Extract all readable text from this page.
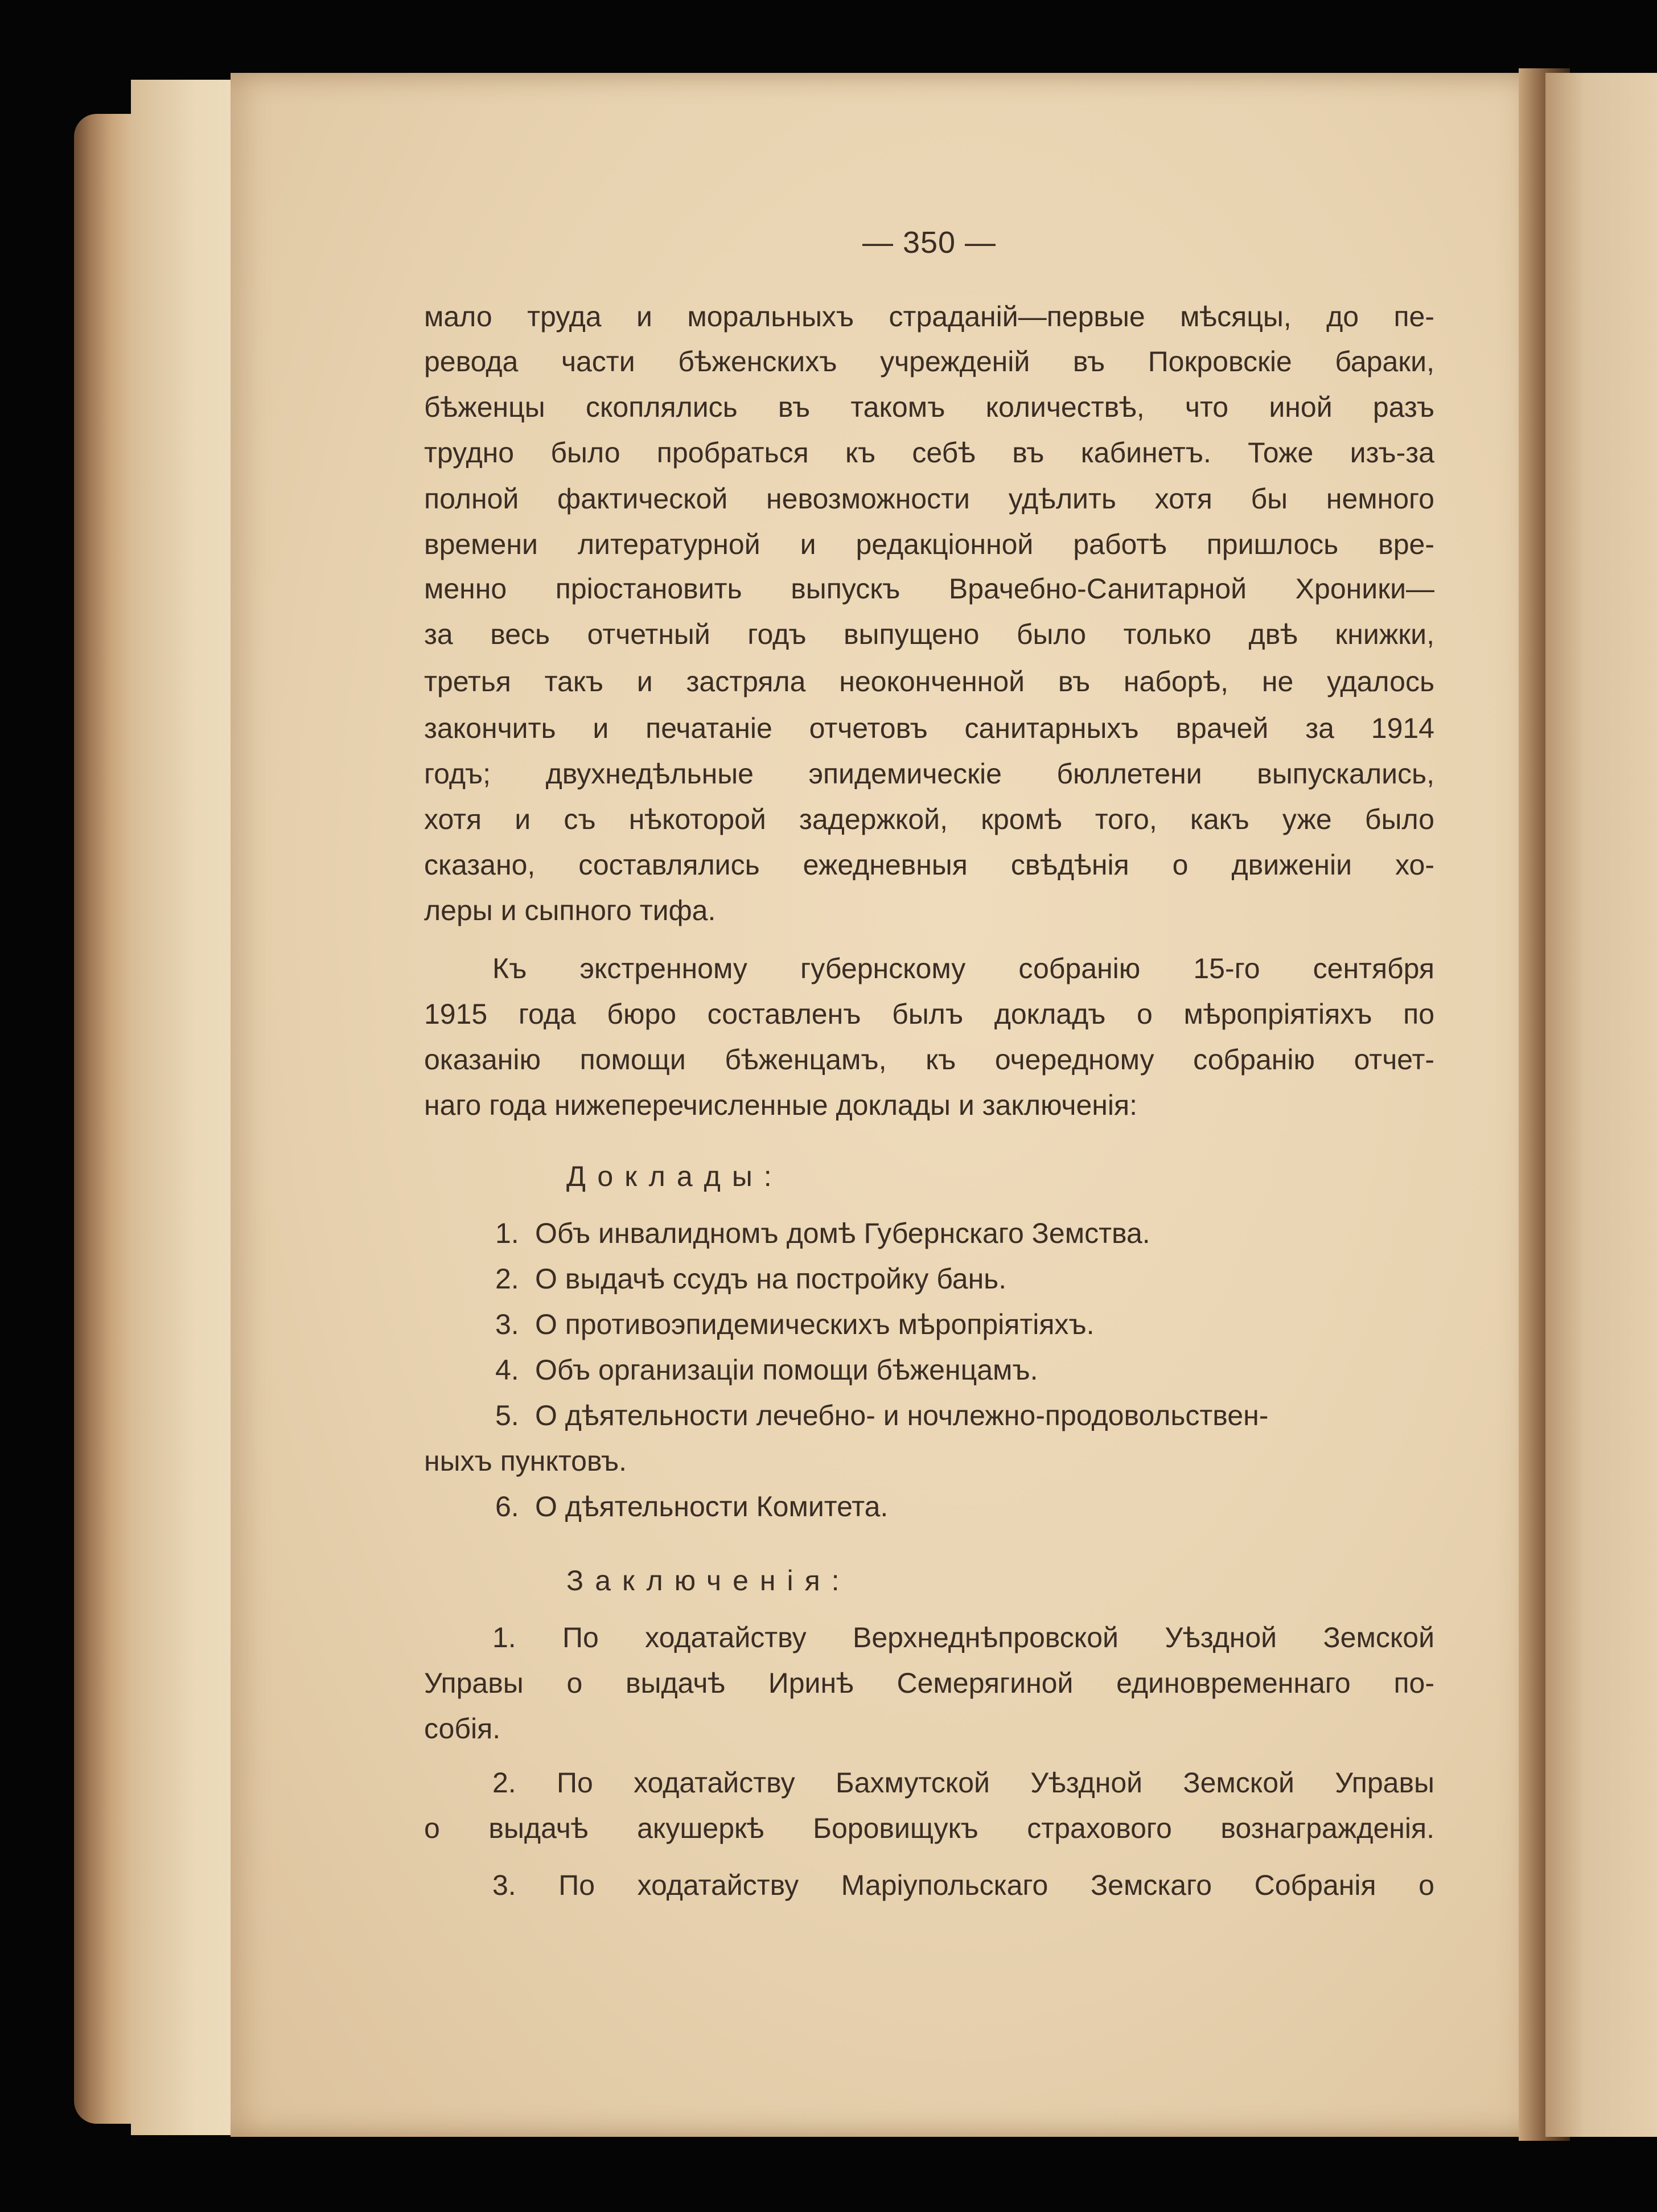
— 350 —
мало труда и моральныхъ страданій—первые мѣсяцы, до пе-
ревода части бѣженскихъ учрежденій въ Покровскіе бараки,
бѣженцы скоплялись въ такомъ количествѣ, что иной разъ
трудно было пробраться къ себѣ въ кабинетъ. Тоже изъ-за
полной фактической невозможности удѣлить хотя бы немного
времени литературной и редакціонной работѣ пришлось вре-
менно пріостановить выпускъ Врачебно-Санитарной Хроники—
за весь отчетный годъ выпущено было только двѣ книжки,
третья такъ и застряла неоконченной въ наборѣ, не удалось
закончить и печатаніе отчетовъ санитарныхъ врачей за 1914
годъ; двухнедѣльные эпидемическіе бюллетени выпускались,
хотя и съ нѣкоторой задержкой, кромѣ того, какъ уже было
сказано, составлялись ежедневныя свѣдѣнія о движеніи хо-
леры и сыпного тифа.
Къ экстренному губернскому собранію 15-го сентября
1915 года бюро составленъ былъ докладъ о мѣропріятіяхъ по
оказанію помощи бѣженцамъ, къ очередному собранію отчет-
наго года нижеперечисленные доклады и заключенія:
Доклады:
1. Объ инвалидномъ домѣ Губернскаго Земства.
2. О выдачѣ ссудъ на постройку бань.
3. О противоэпидемическихъ мѣропріятіяхъ.
4. Объ организаціи помощи бѣженцамъ.
5. О дѣятельности лечебно- и ночлежно-продовольствен-
ныхъ пунктовъ.
6. О дѣятельности Комитета.
Заключенія:
1. По ходатайству Верхнеднѣпровской Уѣздной Земской
Управы о выдачѣ Иринѣ Семерягиной единовременнаго по-
собія.
2. По ходатайству Бахмутской Уѣздной Земской Управы
о выдачѣ акушеркѣ Боровищукъ страхового вознагражденія.
3. По ходатайству Маріупольскаго Земскаго Собранія о
